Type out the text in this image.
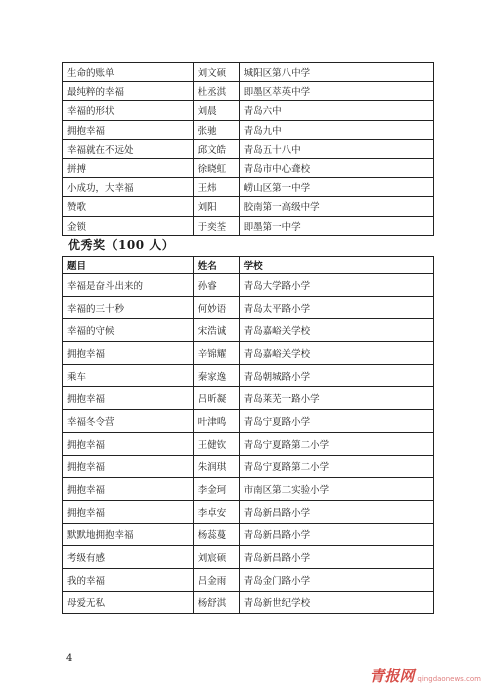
生命的账单	刘文硕	城阳区第八中学
最纯粹的幸福	杜丞淇	即墨区萃英中学
幸福的形状	刘晨	青岛六中
拥抱幸福	张驰	青岛九中
幸福就在不远处	邱文皓	青岛五十八中
拼搏	徐晓虹	青岛市中心聋校
小成功，大幸福	王炜	崂山区第一中学
赞歌	刘阳	胶南第一高级中学
金锁	于奕荃	即墨第一中学
优秀奖（100 人）
题目	姓名	学校
幸福是奋斗出来的	孙睿	青岛大学路小学
幸福的三十秒	何妙语	青岛太平路小学
幸福的守候	宋浩诚	青岛嘉峪关学校
拥抱幸福	辛锦耀	青岛嘉峪关学校
乘车	秦家逸	青岛朝城路小学
拥抱幸福	吕昕凝	青岛莱芜一路小学
幸福冬令营	叶津鸣	青岛宁夏路小学
拥抱幸福	王健钦	青岛宁夏路第二小学
拥抱幸福	朱润琪	青岛宁夏路第二小学
拥抱幸福	李金珂	市南区第二实验小学
拥抱幸福	李卓安	青岛新昌路小学
默默地拥抱幸福	杨蕊蔓	青岛新昌路小学
考级有感	刘宸硕	青岛新昌路小学
我的幸福	吕金雨	青岛金门路小学
母爱无私	杨舒淇	青岛新世纪学校
4
青报网 qingdaonews.com
